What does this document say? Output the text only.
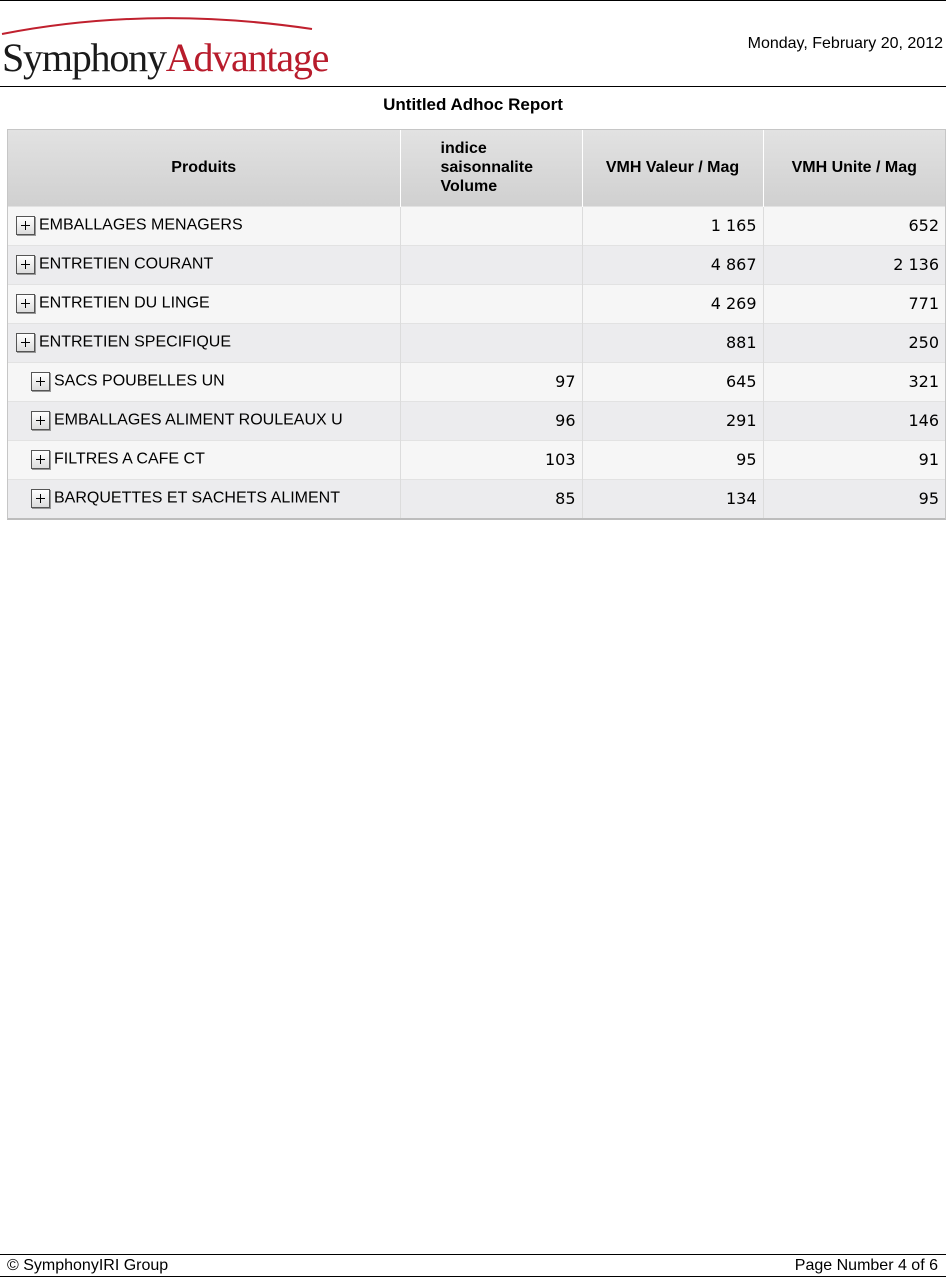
SymphonyAdvantage	Monday, February 20, 2012
Untitled Adhoc Report
Produits	indice saisonnalite Volume	VMH Valeur / Mag	VMH Unite / Mag
EMBALLAGES MENAGERS		1 165	652
ENTRETIEN COURANT		4 867	2 136
ENTRETIEN DU LINGE		4 269	771
ENTRETIEN SPECIFIQUE		881	250
SACS POUBELLES UN	97	645	321
EMBALLAGES ALIMENT ROULEAUX U	96	291	146
FILTRES A CAFE CT	103	95	91
BARQUETTES ET SACHETS ALIMENT	85	134	95
© SymphonyIRI Group	Page Number 4 of 6
